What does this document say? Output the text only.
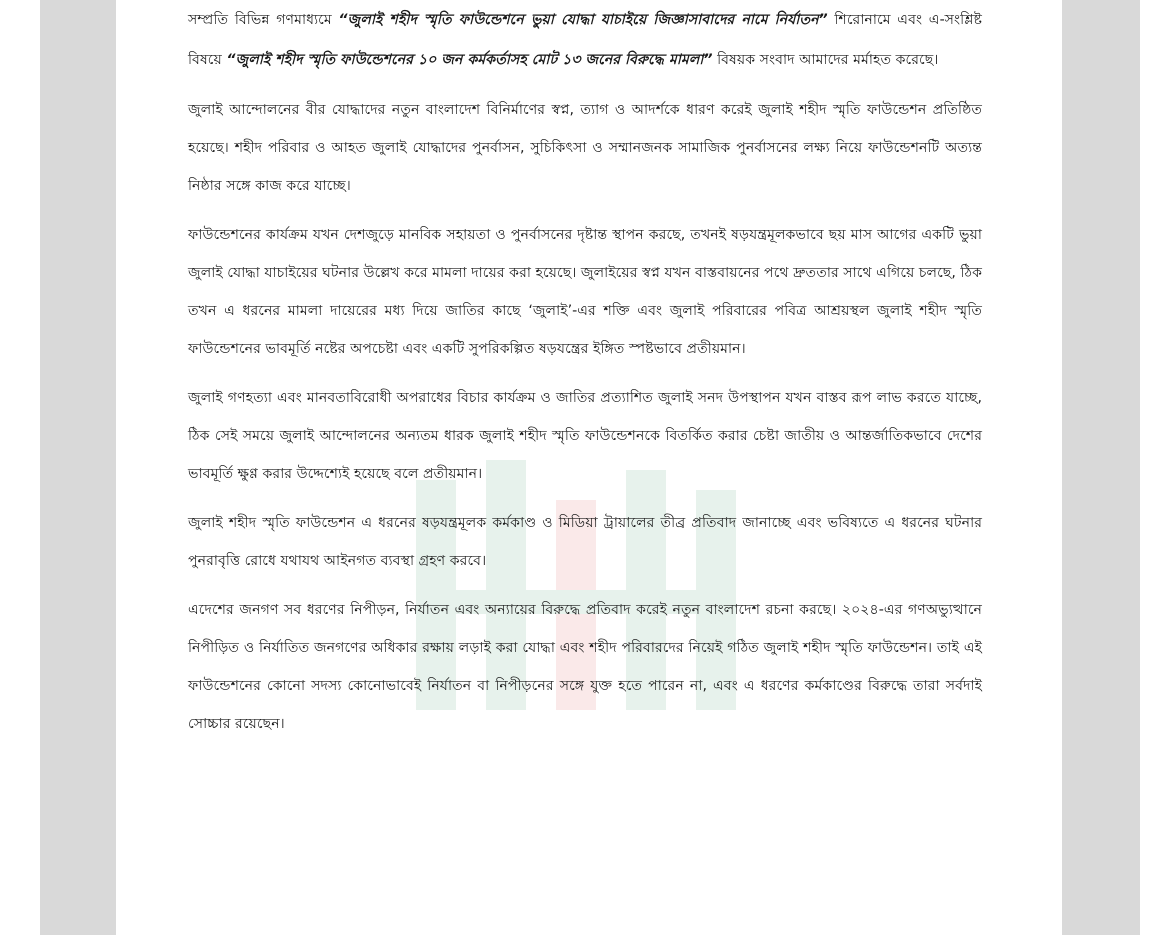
সম্প্রতি বিভিন্ন গণমাধ্যমে “জুলাই শহীদ স্মৃতি ফাউন্ডেশনে ভুয়া যোদ্ধা যাচাইয়ে জিজ্ঞাসাবাদের নামে নির্যাতন” শিরোনামে এবং এ-সংশ্লিষ্ট বিষয়ে “জুলাই শহীদ স্মৃতি ফাউন্ডেশনের ১০ জন কর্মকর্তাসহ মোট ১৩ জনের বিরুদ্ধে মামলা” বিষয়ক সংবাদ আমাদের মর্মাহত করেছে।

জুলাই আন্দোলনের বীর যোদ্ধাদের নতুন বাংলাদেশ বিনির্মাণের স্বপ্ন, ত্যাগ ও আদর্শকে ধারণ করেই জুলাই শহীদ স্মৃতি ফাউন্ডেশন প্রতিষ্ঠিত হয়েছে। শহীদ পরিবার ও আহত জুলাই যোদ্ধাদের পুনর্বাসন, সুচিকিৎসা ও সম্মানজনক সামাজিক পুনর্বাসনের লক্ষ্য নিয়ে ফাউন্ডেশনটি অত্যন্ত নিষ্ঠার সঙ্গে কাজ করে যাচ্ছে।

ফাউন্ডেশনের কার্যক্রম যখন দেশজুড়ে মানবিক সহায়তা ও পুনর্বাসনের দৃষ্টান্ত স্থাপন করছে, তখনই ষড়যন্ত্রমূলকভাবে ছয় মাস আগের একটি ভুয়া জুলাই যোদ্ধা যাচাইয়ের ঘটনার উল্লেখ করে মামলা দায়ের করা হয়েছে। জুলাইয়ের স্বপ্ন যখন বাস্তবায়নের পথে দ্রুততার সাথে এগিয়ে চলছে, ঠিক তখন এ ধরনের মামলা দায়েরের মধ্য দিয়ে জাতির কাছে ‘জুলাই’-এর শক্তি এবং জুলাই পরিবারের পবিত্র আশ্রয়স্থল জুলাই শহীদ স্মৃতি ফাউন্ডেশনের ভাবমূর্তি নষ্টের অপচেষ্টা এবং একটি সুপরিকল্পিত ষড়যন্ত্রের ইঙ্গিত স্পষ্টভাবে প্রতীয়মান।

জুলাই গণহত্যা এবং মানবতাবিরোধী অপরাধের বিচার কার্যক্রম ও জাতির প্রত্যাশিত জুলাই সনদ উপস্থাপন যখন বাস্তব রূপ লাভ করতে যাচ্ছে, ঠিক সেই সময়ে জুলাই আন্দোলনের অন্যতম ধারক জুলাই শহীদ স্মৃতি ফাউন্ডেশনকে বিতর্কিত করার চেষ্টা জাতীয় ও আন্তর্জাতিকভাবে দেশের ভাবমূর্তি ক্ষুণ্ণ করার উদ্দেশ্যেই হয়েছে বলে প্রতীয়মান।

জুলাই শহীদ স্মৃতি ফাউন্ডেশন এ ধরনের ষড়যন্ত্রমূলক কর্মকাণ্ড ও মিডিয়া ট্রায়ালের তীব্র প্রতিবাদ জানাচ্ছে এবং ভবিষ্যতে এ ধরনের ঘটনার পুনরাবৃত্তি রোধে যথাযথ আইনগত ব্যবস্থা গ্রহণ করবে।

এদেশের জনগণ সব ধরণের নিপীড়ন, নির্যাতন এবং অন্যায়ের বিরুদ্ধে প্রতিবাদ করেই নতুন বাংলাদেশ রচনা করছে। ২০২৪-এর গণঅভ্যুত্থানে নিপীড়িত ও নির্যাতিত জনগণের অধিকার রক্ষায় লড়াই করা যোদ্ধা এবং শহীদ পরিবারদের নিয়েই গঠিত জুলাই শহীদ স্মৃতি ফাউন্ডেশন। তাই এই ফাউন্ডেশনের কোনো সদস্য কোনোভাবেই নির্যাতন বা নিপীড়নের সঙ্গে যুক্ত হতে পারেন না, এবং এ ধরণের কর্মকাণ্ডের বিরুদ্ধে তারা সর্বদাই সোচ্চার রয়েছেন।
